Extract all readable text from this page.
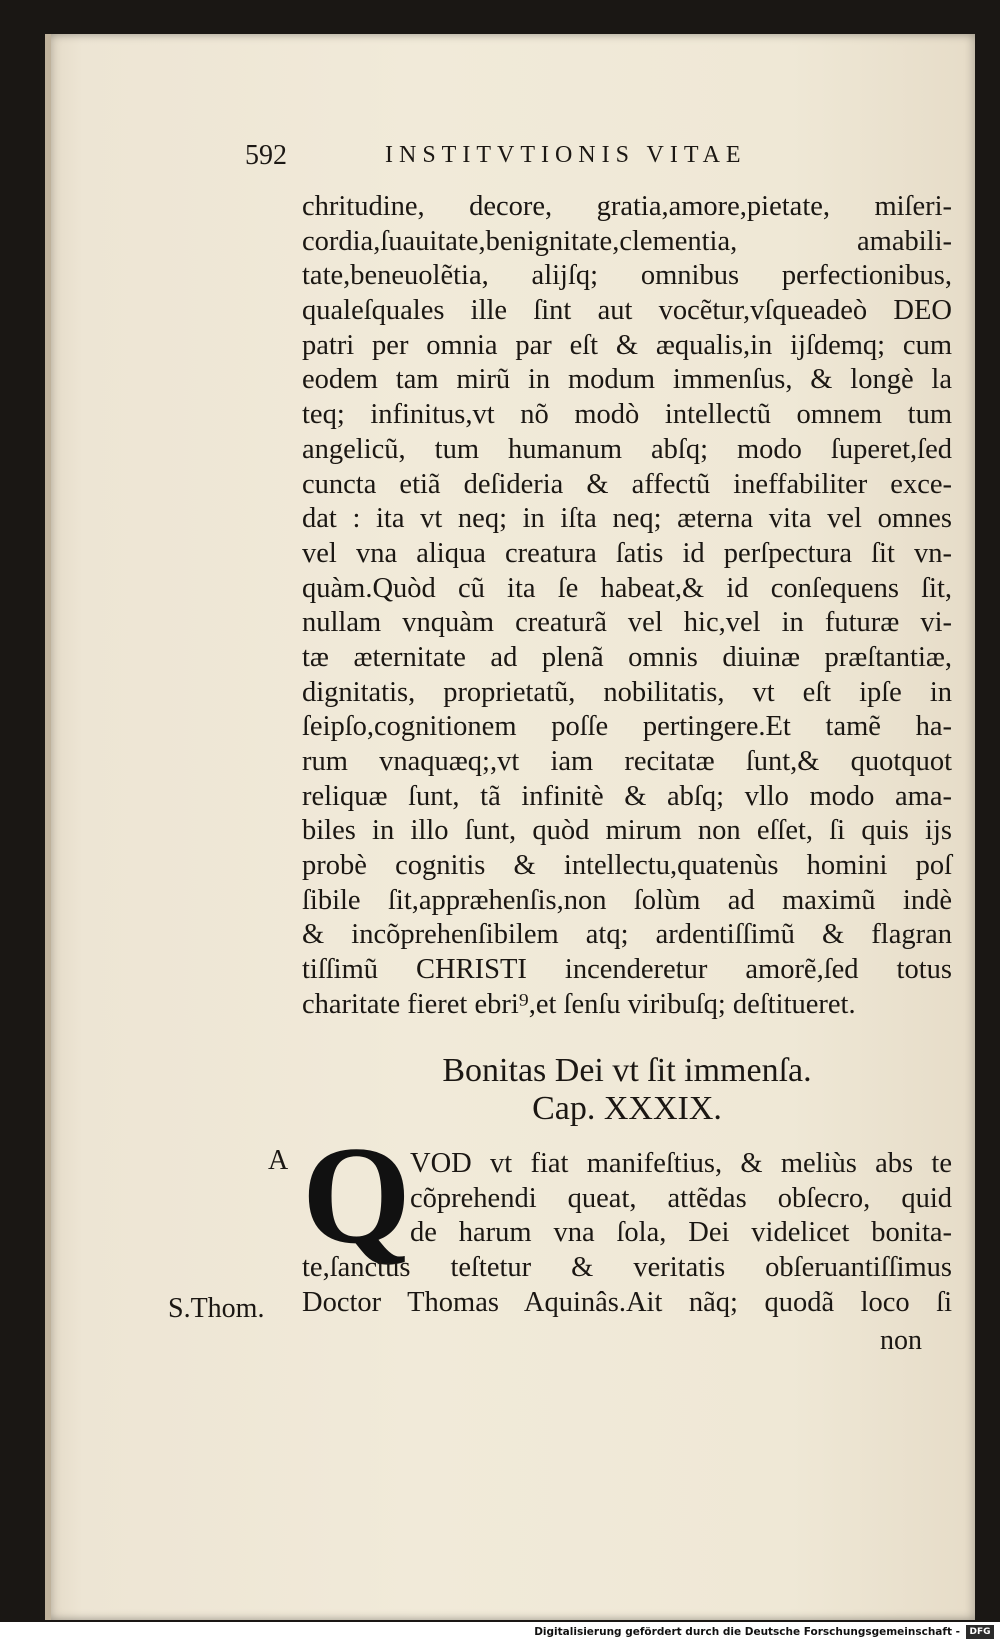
592	INSTITVTIONIS VITAE
chritudine, decore, gratia,amore,pietate, miſeri-
cordia,ſuauitate,benignitate,clementia, amabili-
tate,beneuolẽtia, alijſq; omnibus perfectionibus,
qualeſquales ille ſint aut vocẽtur,vſqueadeò DEO
patri per omnia par eſt & æqualis,in ijſdemq; cum
eodem tam mirũ in modum immenſus, & longè la
teq; infinitus,vt nõ modò intellectũ omnem tum
angelicũ, tum humanum abſq; modo ſuperet,ſed
cuncta etiã deſideria & affectũ ineffabiliter exce-
dat : ita vt neq; in iſta neq; æterna vita vel omnes
vel vna aliqua creatura ſatis id perſpectura ſit vn-
quàm.Quòd cũ ita ſe habeat,& id conſequens ſit,
nullam vnquàm creaturã vel hic,vel in futuræ vi-
tæ æternitate ad plenã omnis diuinæ præſtantiæ,
dignitatis, proprietatũ, nobilitatis, vt eſt ipſe in
ſeipſo,cognitionem poſſe pertingere.Et tamẽ ha-
rum vnaquæq;,vt iam recitatæ ſunt,& quotquot
reliquæ ſunt, tã infinitè & abſq; vllo modo ama-
biles in illo ſunt, quòd mirum non eſſet, ſi quis ijs
probè cognitis & intellectu,quatenùs homini poſ
ſibile ſit,appræhenſis,non ſolùm ad maximũ indè
& incõprehenſibilem atq; ardentiſſimũ & flagran
tiſſimũ CHRISTI incenderetur amorẽ,ſed totus
charitate fieret ebri⁹,et ſenſu viribuſq; deſtitueret.
Bonitas Dei vt ſit immenſa.
Cap. XXXIX.
A Q VOD vt fiat manifeſtius, & meliùs abs te
cõprehendi queat, attẽdas obſecro, quid
de harum vna ſola, Dei videlicet bonita-
te,ſanctus teſtetur & veritatis obſeruantiſſimus
Doctor Thomas Aquinâs.Ait nãq; quodã loco ſi
S.Thom.
non
Digitalisierung gefördert durch die Deutsche Forschungsgemeinschaft -	DFG
